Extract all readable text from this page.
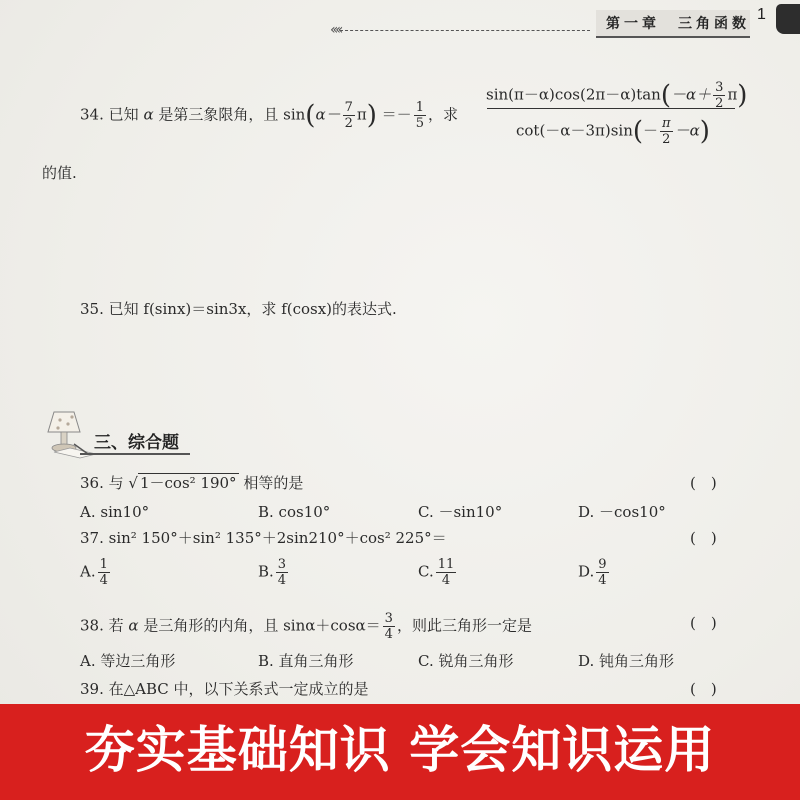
‹‹‹‹	第一章　三角函数
1
34. 已知 α 是第三象限角，且 $\sin(\alpha- \frac{7}{2} \pi) =- \frac{1}{5}$ ，求
$\sin(\pi-\alpha)\cos(2\pi-\alpha)\tan(-\alpha+ \frac{3}{2} \pi)$
$\cot(-\alpha-3\pi)\sin(- \frac{\pi}{2} -\alpha)$
的值.
35. 已知 f(sinx)＝sin3x，求 f(cosx)的表达式.
三、综合题
36. 与 √ 1－cos² 190° 相等的是	(　)
A. sin10°	B. cos10°	C. －sin10°	D. －cos10°
37. sin² 150°＋sin² 135°＋2sin210°＋cos² 225°＝	(　)
A. $\frac{1}{4}$	B. $\frac{3}{4}$	C. $\frac{11}{4}$	D. $\frac{9}{4}$
38. 若 α 是三角形的内角，且 $\sin\alpha+\cos\alpha= \frac{3}{4}$ ，则此三角形一定是	(　)
A. 等边三角形	B. 直角三角形	C. 锐角三角形	D. 钝角三角形
39. 在△ABC 中，以下关系式一定成立的是	(　)
夯实基础知识 学会知识运用
